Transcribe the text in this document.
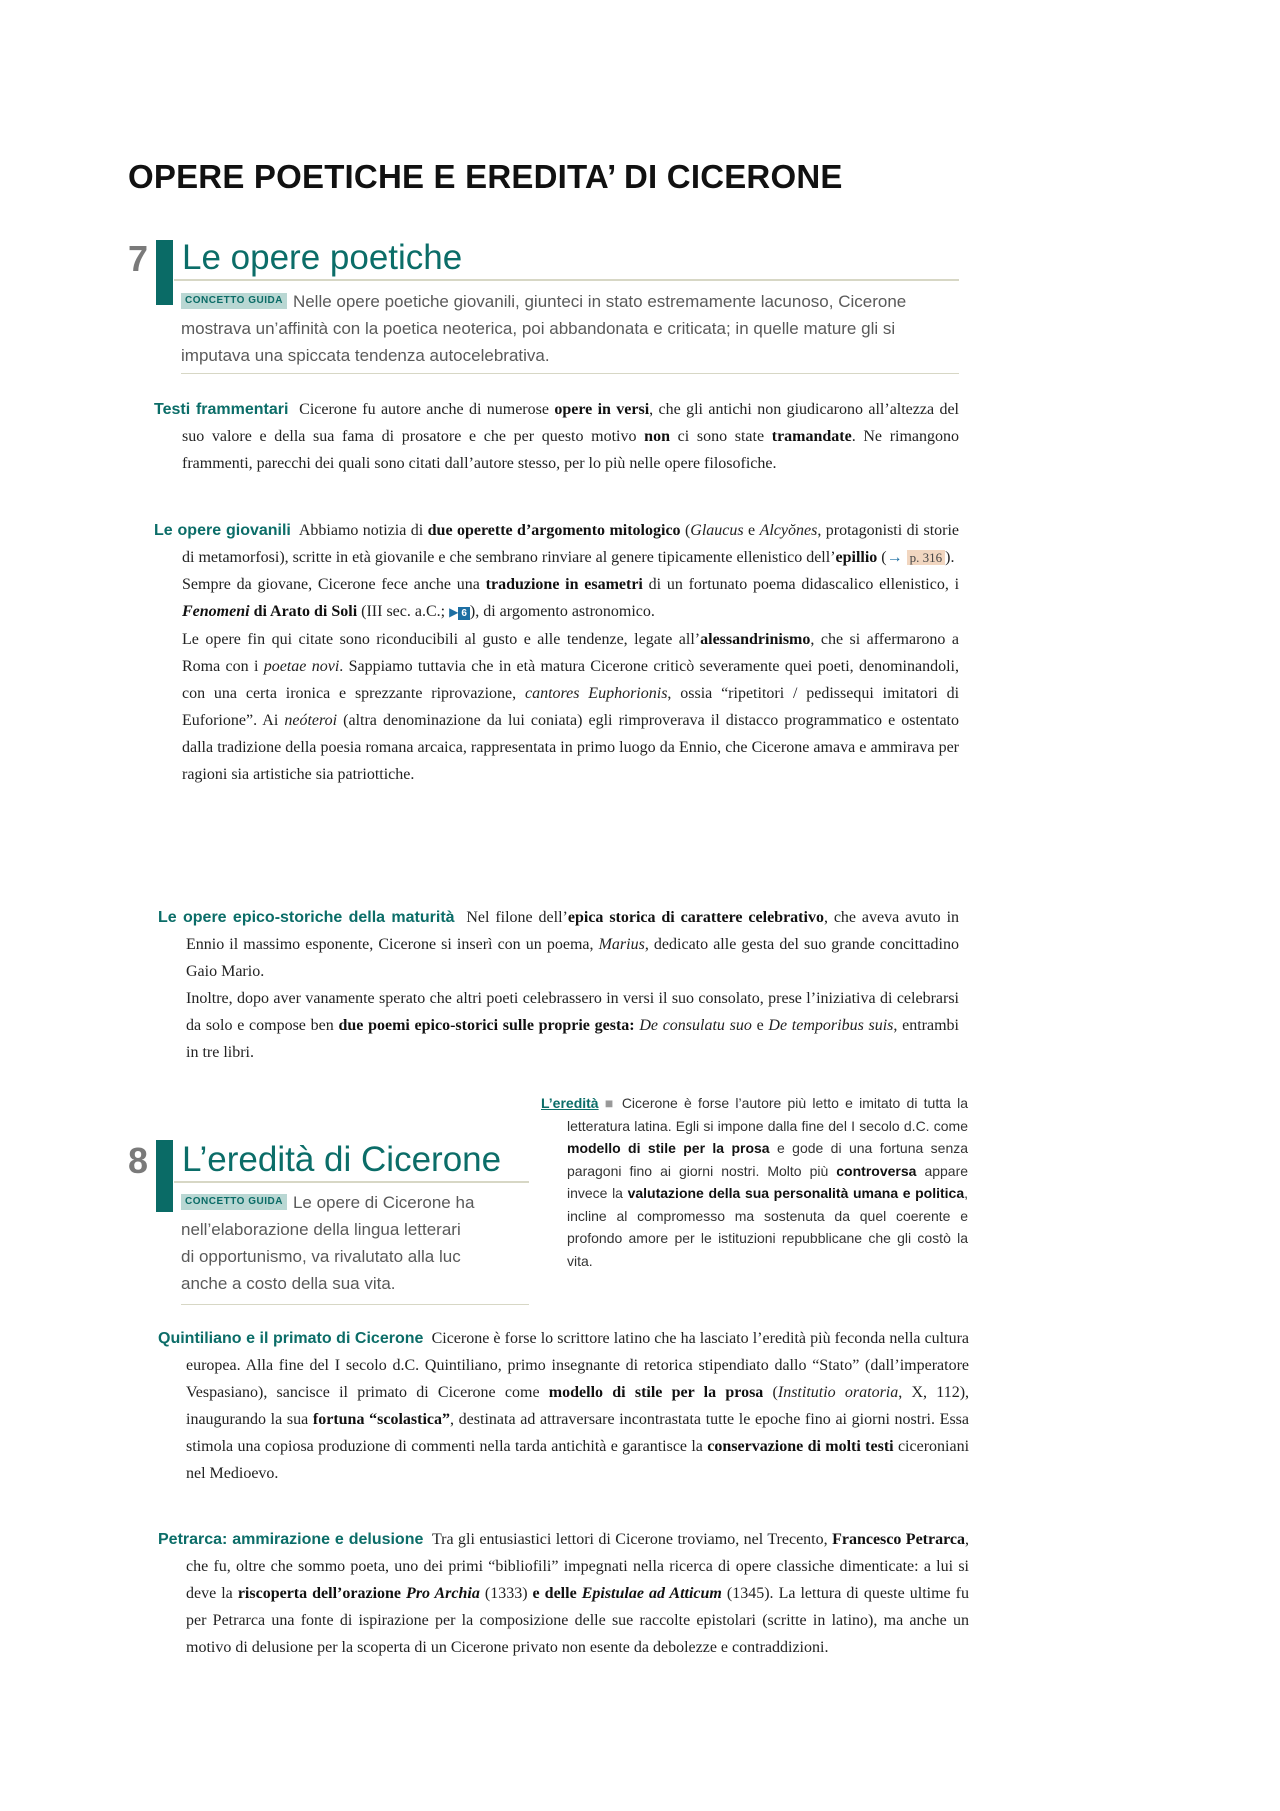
OPERE POETICHE E EREDITA’ DI CICERONE
7 Le opere poetiche
CONCETTO GUIDA Nelle opere poetiche giovanili, giunteci in stato estremamente lacunoso, Cicerone mostrava un’affinità con la poetica neoterica, poi abbandonata e criticata; in quelle mature gli si imputava una spiccata tendenza autocelebrativa.

Testi frammentari Cicerone fu autore anche di numerose opere in versi, che gli antichi non giudicarono all’altezza del suo valore e della sua fama di prosatore e che per questo motivo non ci sono state tramandate. Ne rimangono frammenti, parecchi dei quali sono citati dall’autore stesso, per lo più nelle opere filosofiche.

Le opere giovanili Abbiamo notizia di due operette d’argomento mitologico (Glaucus e Alcyŏnes, protagonisti di storie di metamorfosi), scritte in età giovanile e che sembrano rinviare al genere tipicamente ellenistico dell’epillio (→ p. 316 ).

Sempre da giovane, Cicerone fece anche una traduzione in esametri di un fortunato poema didascalico ellenistico, i Fenomeni di Arato di Soli (III sec. a.C.; ▶ 6 ), di argomento astronomico.

Le opere fin qui citate sono riconducibili al gusto e alle tendenze, legate all’alessandrinismo, che si affermarono a Roma con i poetae novi. Sappiamo tuttavia che in età matura Cicerone criticò severamente quei poeti, denominandoli, con una certa ironica e sprezzante riprovazione, cantores Euphorionis, ossia “ripetitori / pedissequi imitatori di Euforione”. Ai neóteroi (altra denominazione da lui coniata) egli rimproverava il distacco programmatico e ostentato dalla tradizione della poesia romana arcaica, rappresentata in primo luogo da Ennio, che Cicerone amava e ammirava per ragioni sia artistiche sia patriottiche.

Le opere epico-storiche della maturità Nel filone dell’epica storica di carattere celebrativo, che aveva avuto in Ennio il massimo esponente, Cicerone si inserì con un poema, Marius, dedicato alle gesta del suo grande concittadino Gaio Mario.

Inoltre, dopo aver vanamente sperato che altri poeti celebrassero in versi il suo consolato, prese l’iniziativa di celebrarsi da solo e compose ben due poemi epico-storici sulle proprie gesta: De consulatu suo e De temporibus suis, entrambi in tre libri.

8 L’eredità di Cicerone
CONCETTO GUIDA Le opere di Cicerone ha
nell’elaborazione della lingua letterari
di opportunismo, va rivalutato alla luc
anche a costo della sua vita.

L’eredità ■ Cicerone è forse l’autore più letto e imitato di tutta la letteratura latina. Egli si impone dalla fine del I secolo d.C. come modello di stile per la prosa e gode di una fortuna senza paragoni fino ai giorni nostri. Molto più controversa appare invece la valutazione della sua personalità umana e politica, incline al compromesso ma sostenuta da quel coerente e profondo amore per le istituzioni repubblicane che gli costò la vita.

Quintiliano e il primato di Cicerone Cicerone è forse lo scrittore latino che ha lasciato l’eredità più feconda nella cultura europea. Alla fine del I secolo d.C. Quintiliano, primo insegnante di retorica stipendiato dallo “Stato” (dall’imperatore Vespasiano), sancisce il primato di Cicerone come modello di stile per la prosa (Institutio oratoria, X, 112), inaugurando la sua fortuna “scolastica”, destinata ad attraversare incontrastata tutte le epoche fino ai giorni nostri. Essa stimola una copiosa produzione di commenti nella tarda antichità e garantisce la conservazione di molti testi ciceroniani nel Medioevo.

Petrarca: ammirazione e delusione Tra gli entusiastici lettori di Cicerone troviamo, nel Trecento, Francesco Petrarca, che fu, oltre che sommo poeta, uno dei primi “bibliofili” impegnati nella ricerca di opere classiche dimenticate: a lui si deve la riscoperta dell’orazione Pro Archia (1333) e delle Epistulae ad Atticum (1345). La lettura di queste ultime fu per Petrarca una fonte di ispirazione per la composizione delle sue raccolte epistolari (scritte in latino), ma anche un motivo di delusione per la scoperta di un Cicerone privato non esente da debolezze e contraddizioni.
